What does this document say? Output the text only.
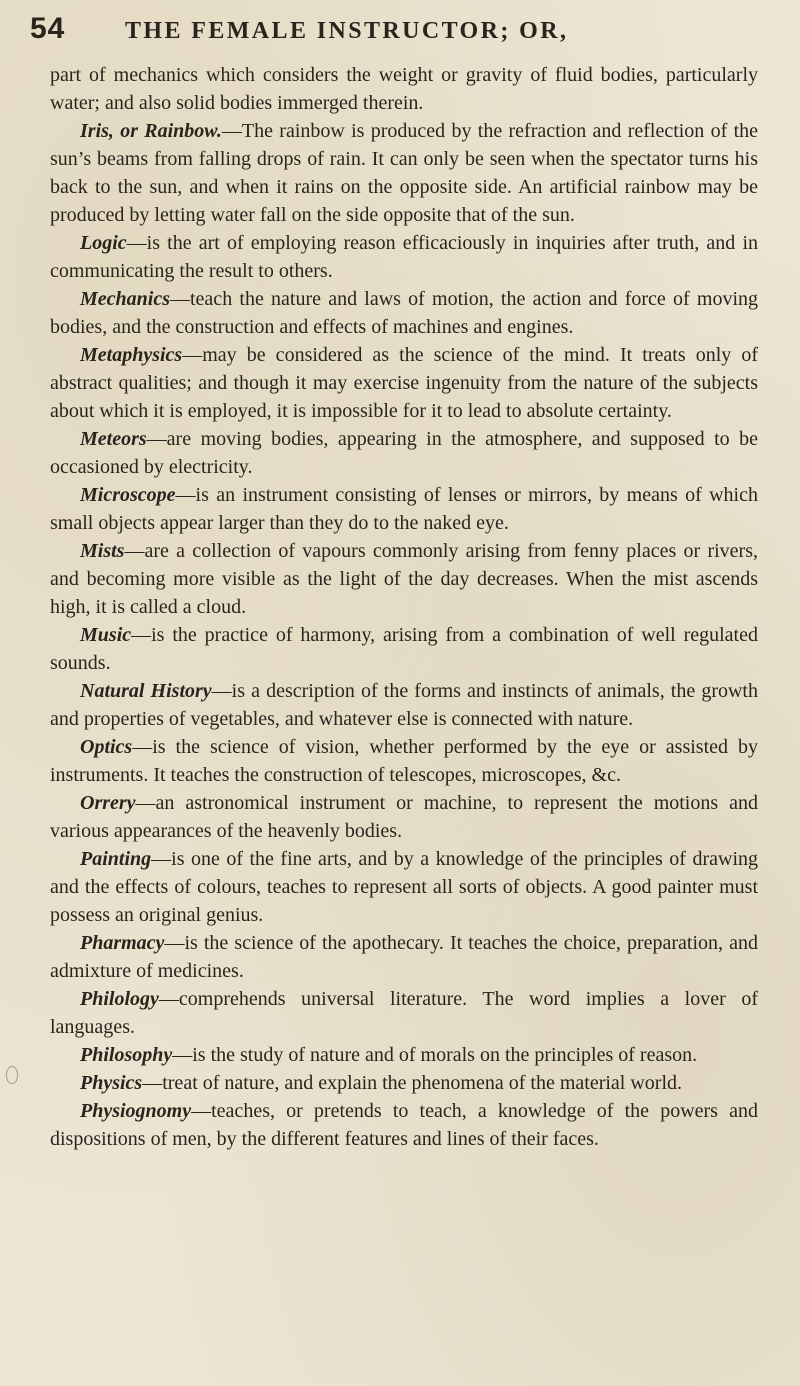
54 THE FEMALE INSTRUCTOR; OR,

part of mechanics which considers the weight or gravity of fluid bodies, particularly water; and also solid bodies immerged therein.

Iris, or Rainbow.—The rainbow is produced by the refraction and reflection of the sun’s beams from falling drops of rain. It can only be seen when the spectator turns his back to the sun, and when it rains on the opposite side. An artificial rainbow may be produced by letting water fall on the side opposite that of the sun.

Logic—is the art of employing reason efficaciously in inquiries after truth, and in communicating the result to others.

Mechanics—teach the nature and laws of motion, the action and force of moving bodies, and the construction and effects of machines and engines.

Metaphysics—may be considered as the science of the mind. It treats only of abstract qualities; and though it may exercise ingenuity from the nature of the subjects about which it is employed, it is impossible for it to lead to absolute certainty.

Meteors—are moving bodies, appearing in the atmosphere, and supposed to be occasioned by electricity.

Microscope—is an instrument consisting of lenses or mirrors, by means of which small objects appear larger than they do to the naked eye.

Mists—are a collection of vapours commonly arising from fenny places or rivers, and becoming more visible as the light of the day decreases. When the mist ascends high, it is called a cloud.

Music—is the practice of harmony, arising from a combination of well regulated sounds.

Natural History—is a description of the forms and instincts of animals, the growth and properties of vegetables, and whatever else is connected with nature.

Optics—is the science of vision, whether performed by the eye or assisted by instruments. It teaches the construction of telescopes, microscopes, &c.

Orrery—an astronomical instrument or machine, to represent the motions and various appearances of the heavenly bodies.

Painting—is one of the fine arts, and by a knowledge of the principles of drawing and the effects of colours, teaches to represent all sorts of objects. A good painter must possess an original genius.

Pharmacy—is the science of the apothecary. It teaches the choice, preparation, and admixture of medicines.

Philology—comprehends universal literature. The word implies a lover of languages.

Philosophy—is the study of nature and of morals on the principles of reason.

Physics—treat of nature, and explain the phenomena of the material world.

Physiognomy—teaches, or pretends to teach, a knowledge of the powers and dispositions of men, by the different features and lines of their faces.
